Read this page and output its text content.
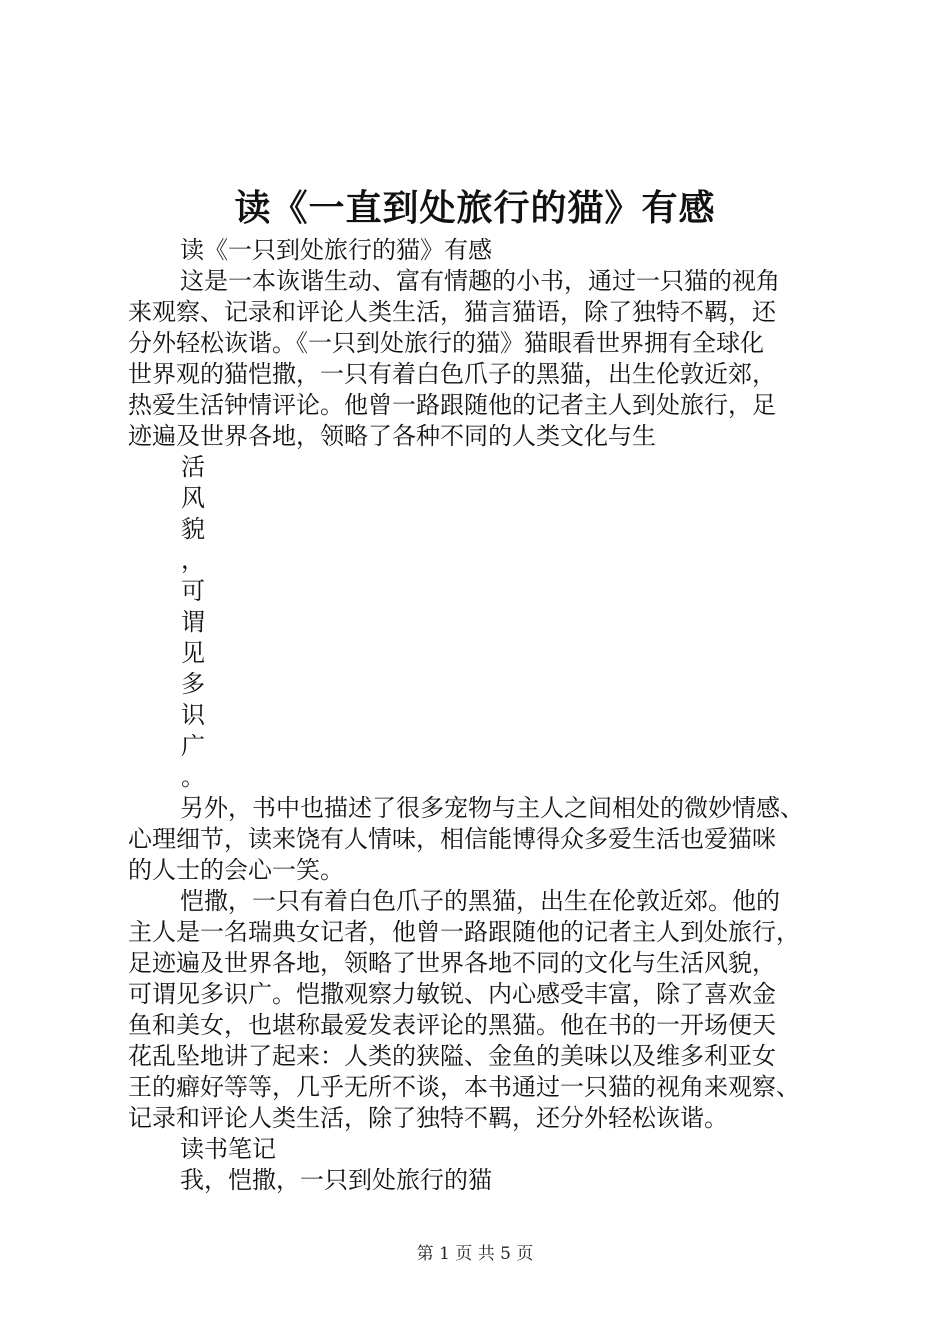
读《一直到处旅行的猫》有感
读《一只到处旅行的猫》有感
这是一本诙谐生动、富有情趣的小书，通过一只猫的视角
来观察、记录和评论人类生活，猫言猫语，除了独特不羁，还
分外轻松诙谐。《一只到处旅行的猫》猫眼看世界拥有全球化
世界观的猫恺撒，一只有着白色爪子的黑猫，出生伦敦近郊，
热爱生活钟情评论。他曾一路跟随他的记者主人到处旅行，足
迹遍及世界各地，领略了各种不同的人类文化与生
活
风
貌
，
可
谓
见
多
识
广
。
另外，书中也描述了很多宠物与主人之间相处的微妙情感、
心理细节，读来饶有人情味，相信能博得众多爱生活也爱猫咪
的人士的会心一笑。
恺撒，一只有着白色爪子的黑猫，出生在伦敦近郊。他的
主人是一名瑞典女记者，他曾一路跟随他的记者主人到处旅行，
足迹遍及世界各地，领略了世界各地不同的文化与生活风貌，
可谓见多识广。恺撒观察力敏锐、内心感受丰富，除了喜欢金
鱼和美女，也堪称最爱发表评论的黑猫。他在书的一开场便天
花乱坠地讲了起来：人类的狭隘、金鱼的美味以及维多利亚女
王的癖好等等，几乎无所不谈，本书通过一只猫的视角来观察、
记录和评论人类生活，除了独特不羁，还分外轻松诙谐。
读书笔记
我，恺撒，一只到处旅行的猫
第 1 页 共 5 页
